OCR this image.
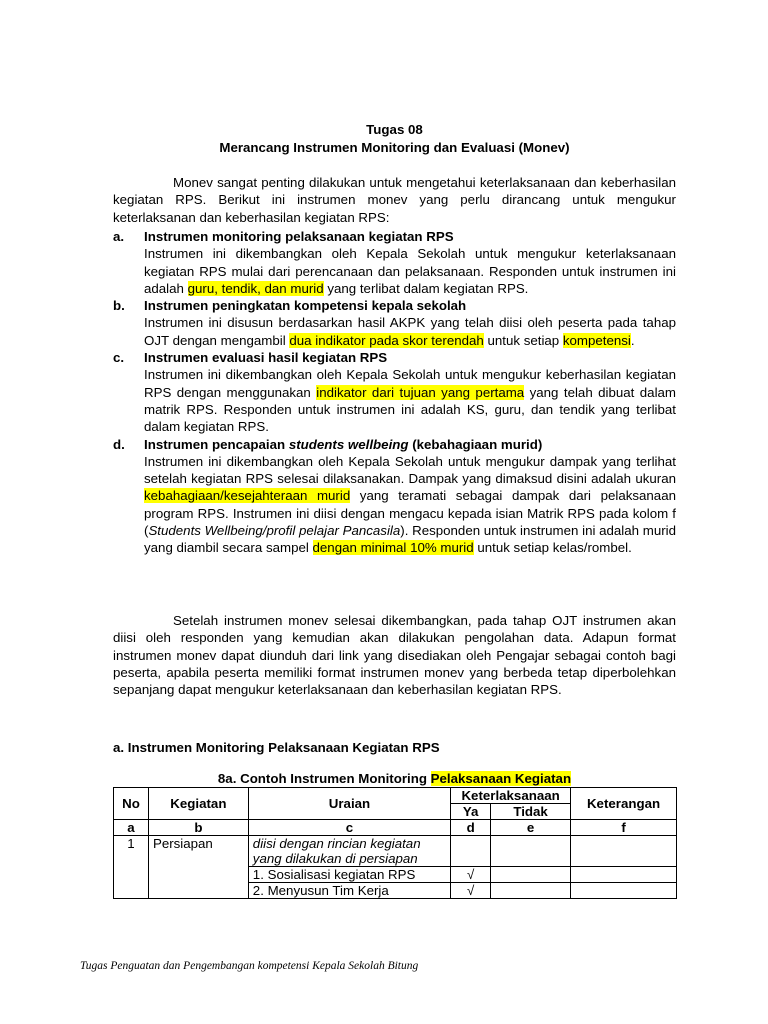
Tugas 08
Merancang Instrumen Monitoring dan Evaluasi (Monev)
Monev sangat penting dilakukan untuk mengetahui keterlaksanaan dan keberhasilan kegiatan RPS. Berikut ini instrumen monev yang perlu dirancang untuk mengukur keterlaksanan dan keberhasilan kegiatan RPS:
a. Instrumen monitoring pelaksanaan kegiatan RPS
Instrumen ini dikembangkan oleh Kepala Sekolah untuk mengukur keterlaksanaan kegiatan RPS mulai dari perencanaan dan pelaksanaan. Responden untuk instrumen ini adalah guru, tendik, dan murid yang terlibat dalam kegiatan RPS.
b. Instrumen peningkatan kompetensi kepala sekolah
Instrumen ini disusun berdasarkan hasil AKPK yang telah diisi oleh peserta pada tahap OJT dengan mengambil dua indikator pada skor terendah untuk setiap kompetensi.
c. Instrumen evaluasi hasil kegiatan RPS
Instrumen ini dikembangkan oleh Kepala Sekolah untuk mengukur keberhasilan kegiatan RPS dengan menggunakan indikator dari tujuan yang pertama yang telah dibuat dalam matrik RPS. Responden untuk instrumen ini adalah KS, guru, dan tendik yang terlibat dalam kegiatan RPS.
d. Instrumen pencapaian students wellbeing (kebahagiaan murid)
Instrumen ini dikembangkan oleh Kepala Sekolah untuk mengukur dampak yang terlihat setelah kegiatan RPS selesai dilaksanakan. Dampak yang dimaksud disini adalah ukuran kebahagiaan/kesejahteraan murid yang teramati sebagai dampak dari pelaksanaan program RPS. Instrumen ini diisi dengan mengacu kepada isian Matrik RPS pada kolom f (Students Wellbeing/profil pelajar Pancasila). Responden untuk instrumen ini adalah murid yang diambil secara sampel dengan minimal 10% murid untuk setiap kelas/rombel.
Setelah instrumen monev selesai dikembangkan, pada tahap OJT instrumen akan diisi oleh responden yang kemudian akan dilakukan pengolahan data. Adapun format instrumen monev dapat diunduh dari link yang disediakan oleh Pengajar sebagai contoh bagi peserta, apabila peserta memiliki format instrumen monev yang berbeda tetap diperbolehkan sepanjang dapat mengukur keterlaksanaan dan keberhasilan kegiatan RPS.
a. Instrumen Monitoring Pelaksanaan Kegiatan RPS
8a. Contoh Instrumen Monitoring Pelaksanaan Kegiatan
No	Kegiatan	Uraian	Keterlaksanaan		Keterangan
			Ya	Tidak	
a	b	c	d	e	f
1	Persiapan	diisi dengan rincian kegiatan yang dilakukan di persiapan			
		1. Sosialisasi kegiatan RPS	√		
		2. Menyusun Tim Kerja	√		
Tugas Penguatan dan Pengembangan kompetensi Kepala Sekolah Bitung
